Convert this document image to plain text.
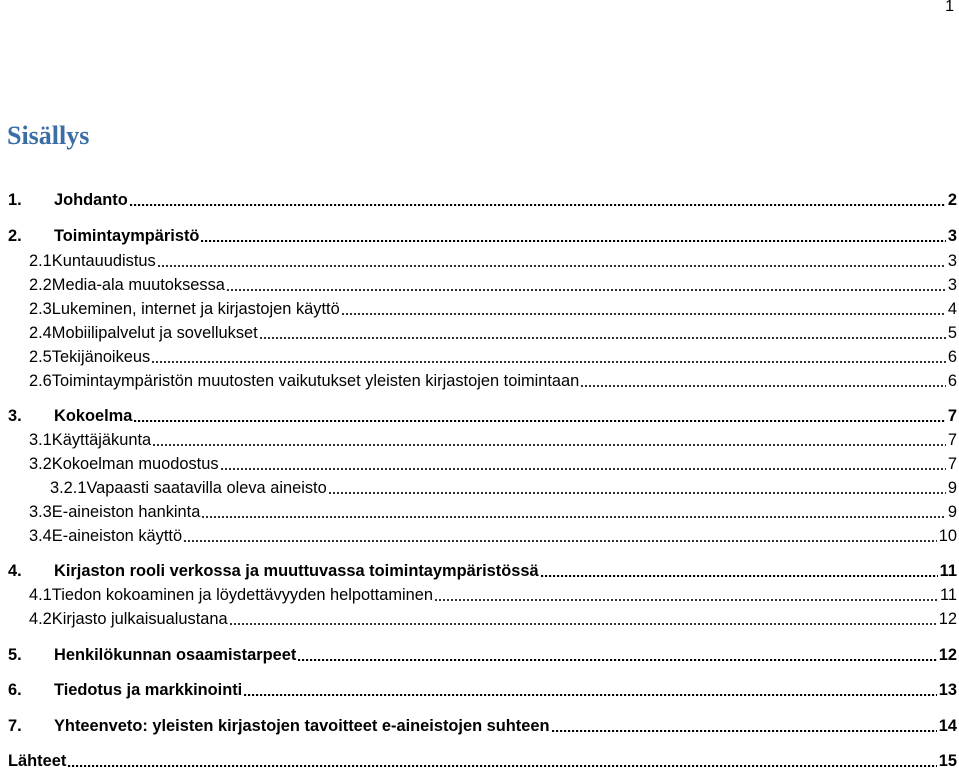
1
Sisällys
1. Johdanto	2
2. Toimintaympäristö	3
2.1Kuntauudistus	3
2.2Media-ala muutoksessa	3
2.3Lukeminen, internet ja kirjastojen käyttö	4
2.4Mobiilipalvelut ja sovellukset	5
2.5Tekijänoikeus	6
2.6Toimintaympäristön muutosten vaikutukset yleisten kirjastojen toimintaan	6
3. Kokoelma	7
3.1Käyttäjäkunta	7
3.2Kokoelman muodostus	7
3.2.1Vapaasti saatavilla oleva aineisto	9
3.3E-aineiston hankinta	9
3.4E-aineiston käyttö	10
4. Kirjaston rooli verkossa ja muuttuvassa toimintaympäristössä	11
4.1Tiedon kokoaminen ja löydettävyyden helpottaminen	11
4.2Kirjasto julkaisualustana	12
5. Henkilökunnan osaamistarpeet	12
6. Tiedotus ja markkinointi	13
7. Yhteenveto: yleisten kirjastojen tavoitteet e-aineistojen suhteen	14
Lähteet	15
